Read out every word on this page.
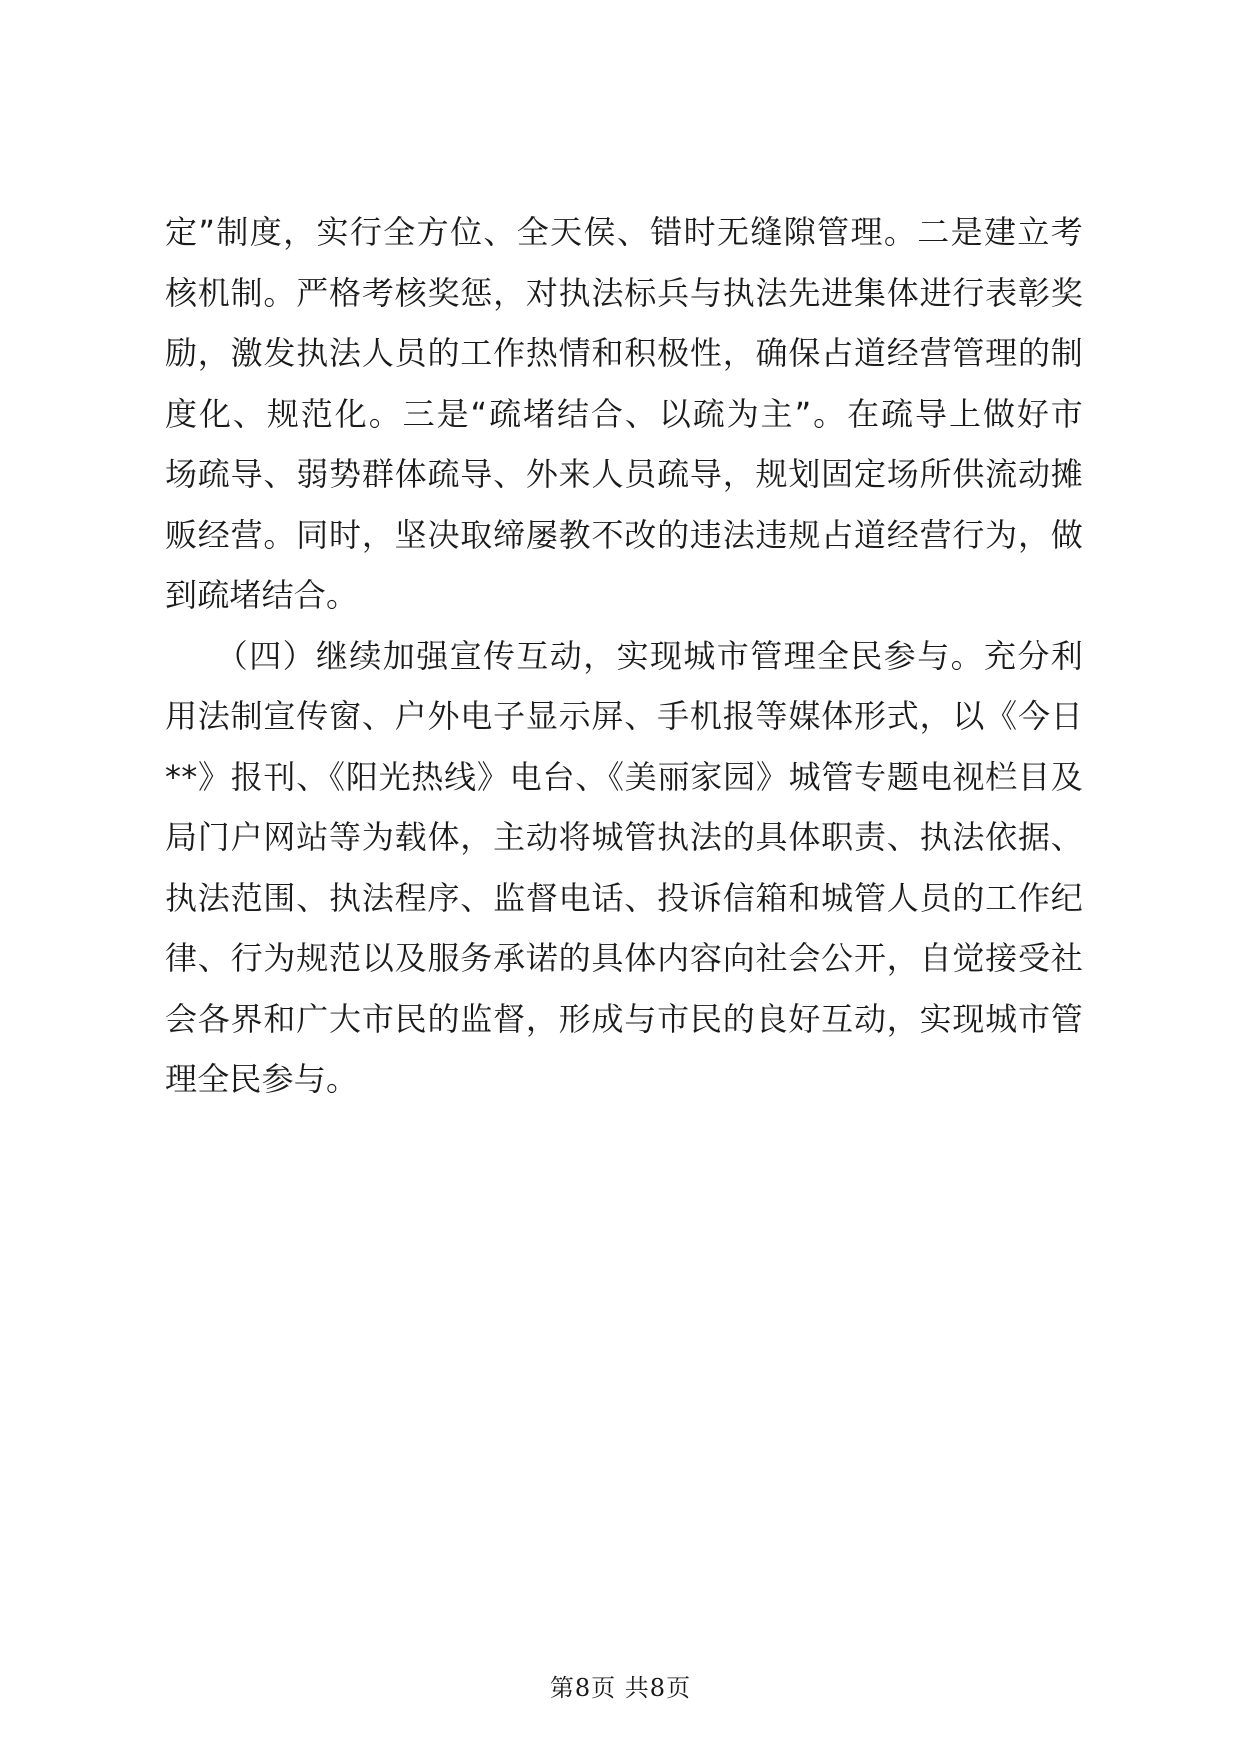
定”制度，实行全方位、全天侯、错时无缝隙管理。二是建立考
核机制。严格考核奖惩，对执法标兵与执法先进集体进行表彰奖
励，激发执法人员的工作热情和积极性，确保占道经营管理的制
度化、规范化。三是“疏堵结合、以疏为主”。在疏导上做好市
场疏导、弱势群体疏导、外来人员疏导，规划固定场所供流动摊
贩经营。同时，坚决取缔屡教不改的违法违规占道经营行为，做
到疏堵结合。
　　（四）继续加强宣传互动，实现城市管理全民参与。充分利
用法制宣传窗、户外电子显示屏、手机报等媒体形式，以《今日
**》报刊、《阳光热线》电台、《美丽家园》城管专题电视栏目及
局门户网站等为载体，主动将城管执法的具体职责、执法依据、
执法范围、执法程序、监督电话、投诉信箱和城管人员的工作纪
律、行为规范以及服务承诺的具体内容向社会公开，自觉接受社
会各界和广大市民的监督，形成与市民的良好互动，实现城市管
理全民参与。
第8页 共8页
